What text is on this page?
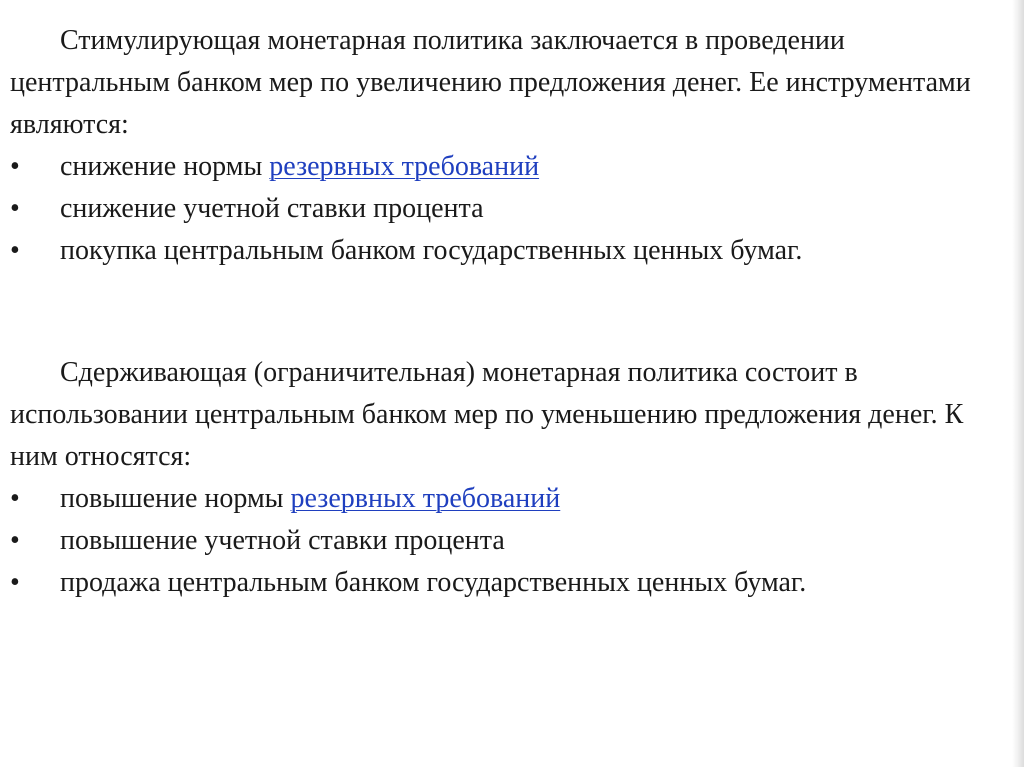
Стимулирующая монетарная политика заключается в проведении центральным банком мер по увеличению предложения денег. Ее инструментами являются:

• снижение нормы резервных требований
• снижение учетной ставки процента
• покупка центральным банком государственных ценных бумаг.

Сдерживающая (ограничительная) монетарная политика состоит в использовании центральным банком мер по уменьшению предложения денег. К ним относятся:

• повышение нормы резервных требований
• повышение учетной ставки процента
• продажа центральным банком государственных ценных бумаг.
